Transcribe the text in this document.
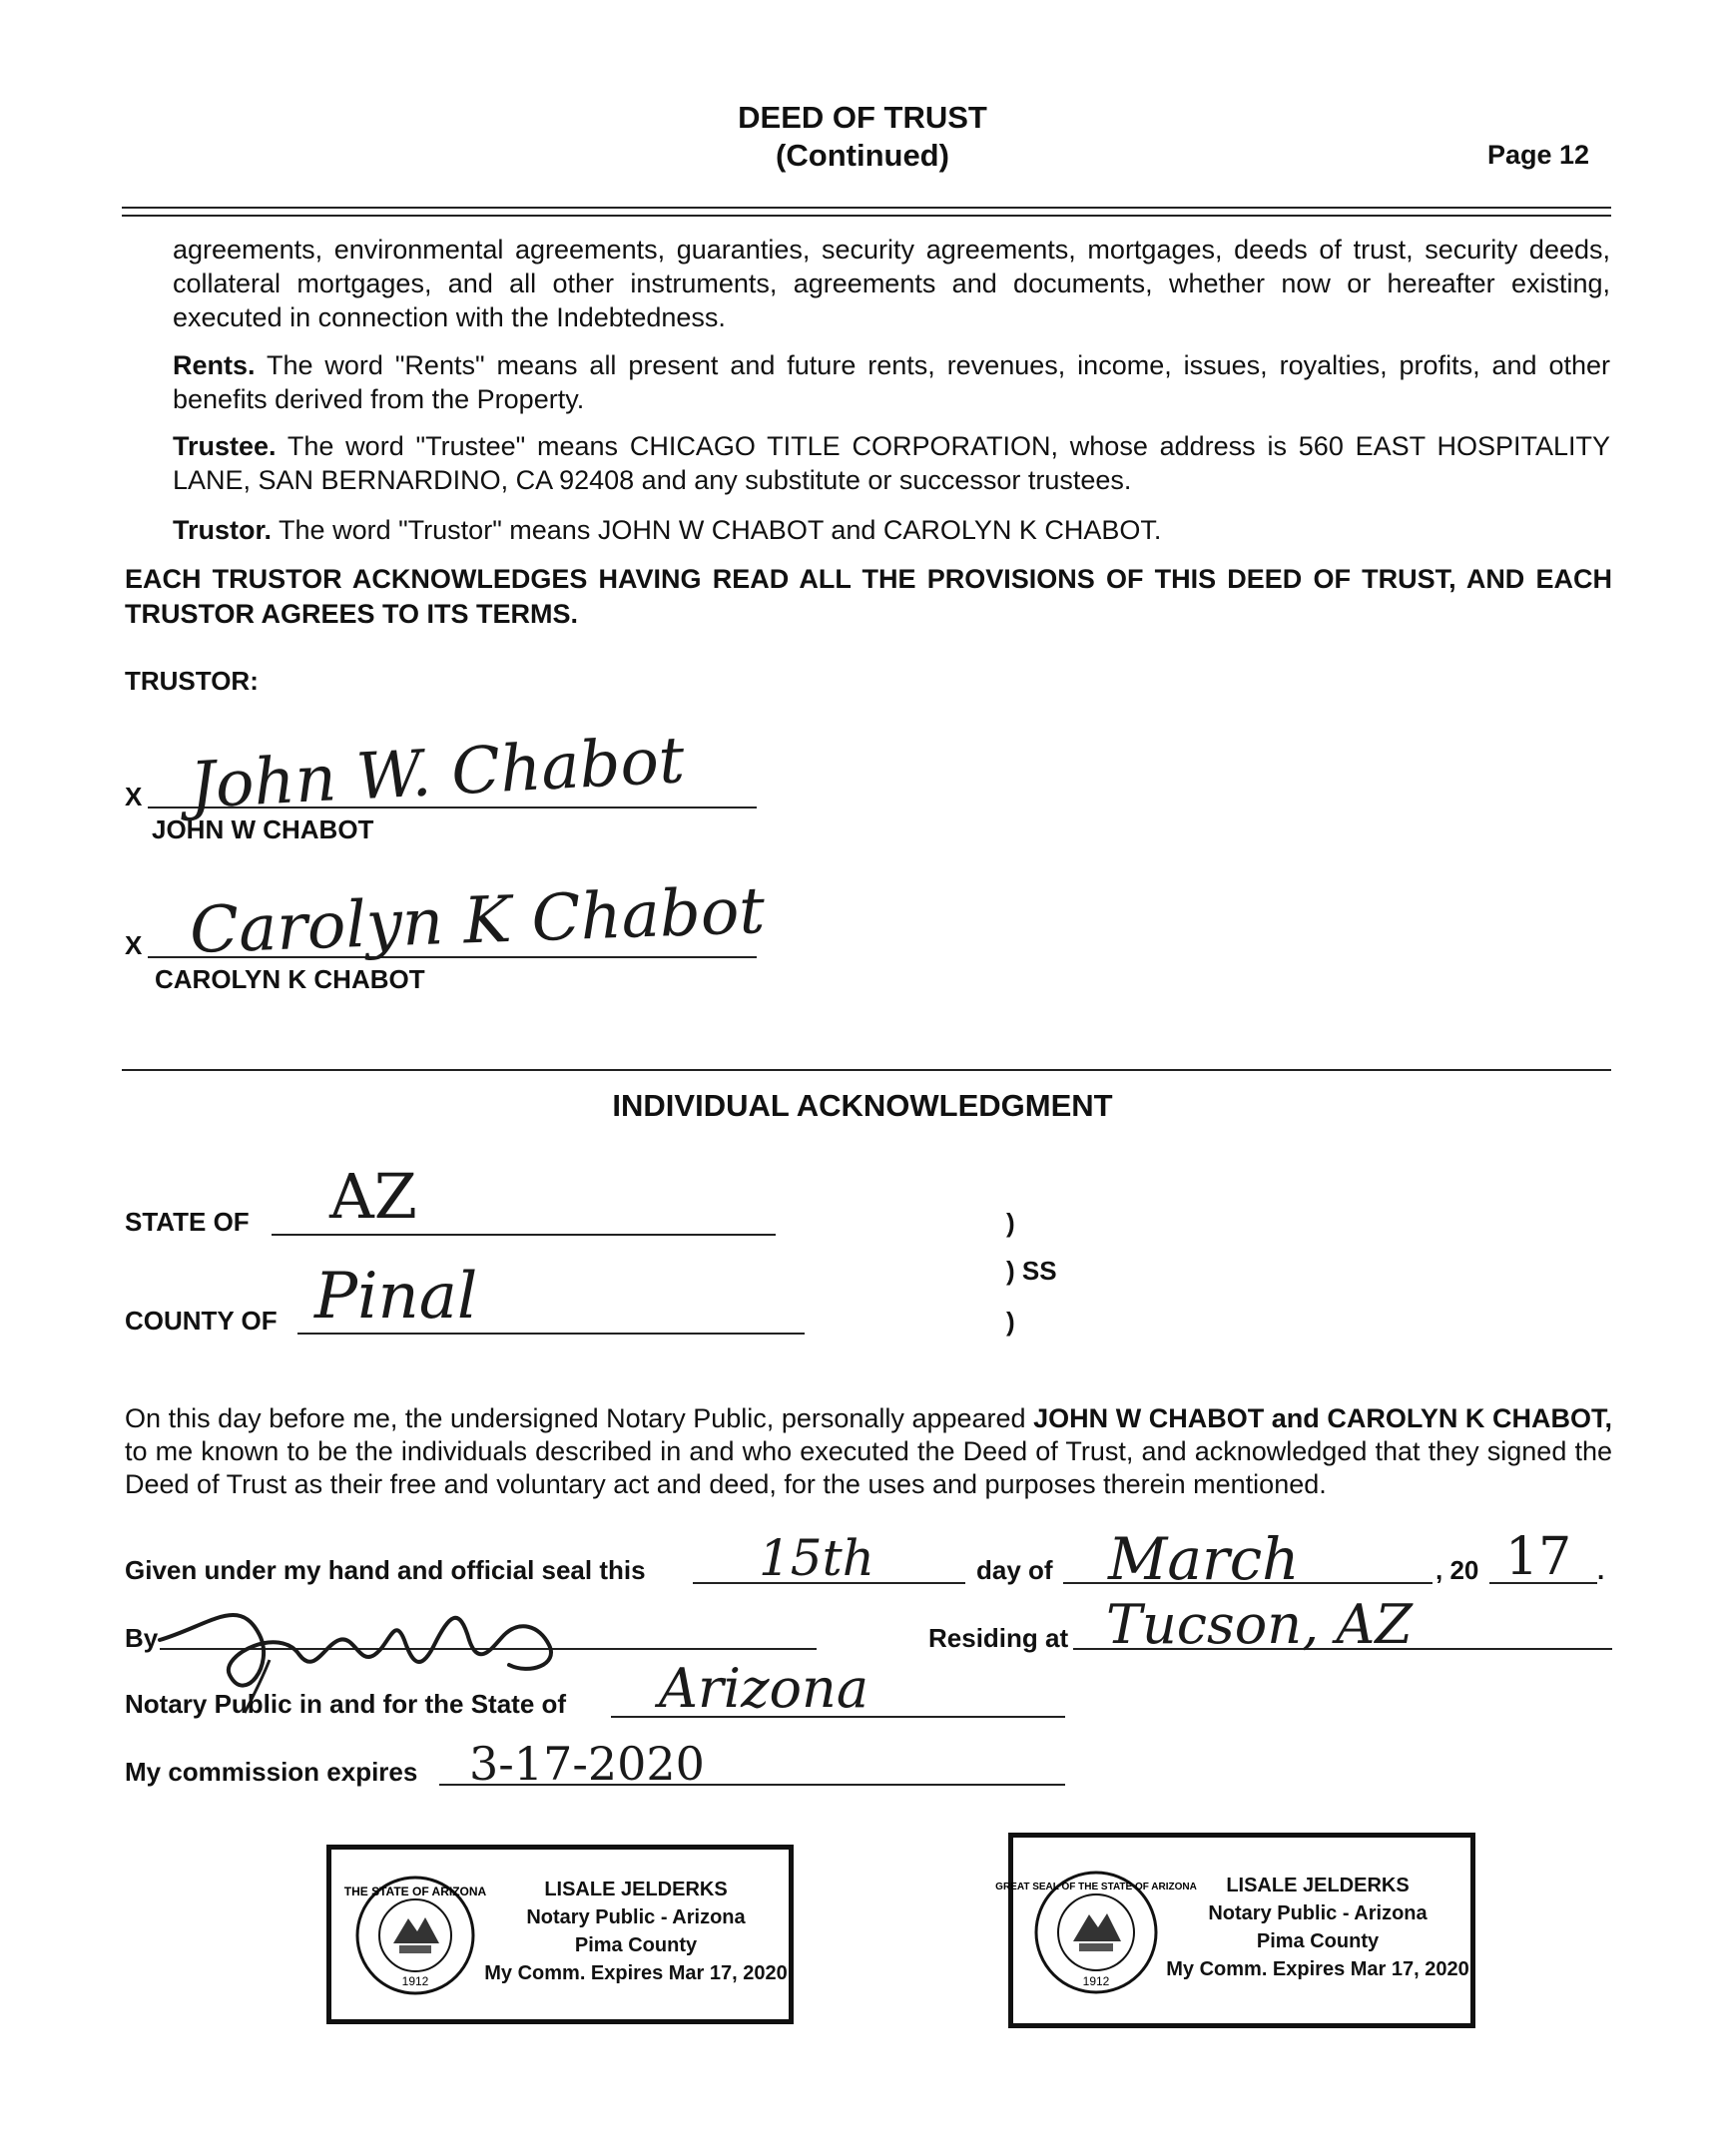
DEED OF TRUST
(Continued)	Page 12
agreements, environmental agreements, guaranties, security agreements, mortgages, deeds of trust, security deeds, collateral mortgages, and all other instruments, agreements and documents, whether now or hereafter existing, executed in connection with the Indebtedness.
Rents. The word "Rents" means all present and future rents, revenues, income, issues, royalties, profits, and other benefits derived from the Property.
Trustee. The word "Trustee" means CHICAGO TITLE CORPORATION, whose address is 560 EAST HOSPITALITY LANE, SAN BERNARDINO, CA 92408 and any substitute or successor trustees.
Trustor. The word "Trustor" means JOHN W CHABOT and CAROLYN K CHABOT.
EACH TRUSTOR ACKNOWLEDGES HAVING READ ALL THE PROVISIONS OF THIS DEED OF TRUST, AND EACH TRUSTOR AGREES TO ITS TERMS.
TRUSTOR:
X John W. Chabot
JOHN W CHABOT
X Carolyn K Chabot
CAROLYN K CHABOT
INDIVIDUAL ACKNOWLEDGMENT
STATE OF AZ
COUNTY OF Pinal
)
) SS
)
On this day before me, the undersigned Notary Public, personally appeared JOHN W CHABOT and CAROLYN K CHABOT, to me known to be the individuals described in and who executed the Deed of Trust, and acknowledged that they signed the Deed of Trust as their free and voluntary act and deed, for the uses and purposes therein mentioned.
Given under my hand and official seal this 15th	day of March	, 20 17 .
By	Residing at Tucson, AZ
Notary Public in and for the State of Arizona
My commission expires 3-17-2020
THE STATE OF ARIZONA
1912
LISALE JELDERKS
Notary Public - Arizona
Pima County
My Comm. Expires Mar 17, 2020
GREAT SEAL OF THE STATE OF ARIZONA
1912
LISALE JELDERKS
Notary Public - Arizona
Pima County
My Comm. Expires Mar 17, 2020
